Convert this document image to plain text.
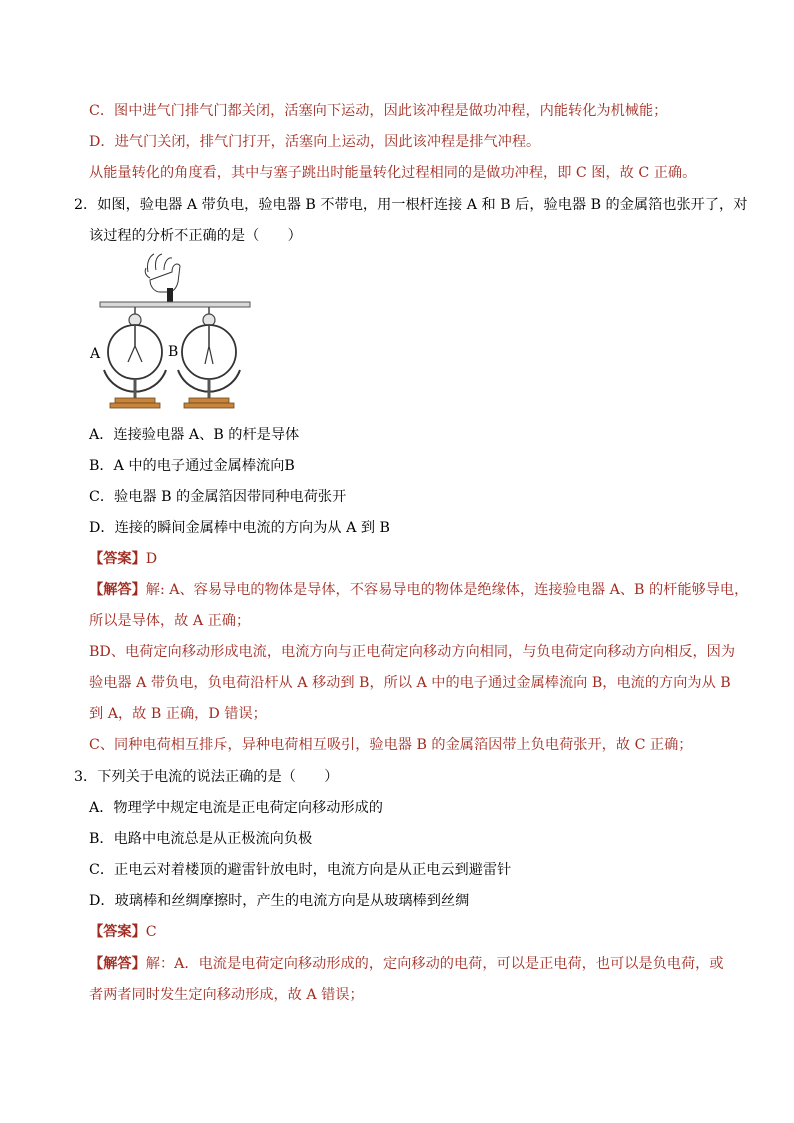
C．图中进气门排气门都关闭，活塞向下运动，因此该冲程是做功冲程，内能转化为机械能；
D．进气门关闭，排气门打开，活塞向上运动，因此该冲程是排气冲程。
从能量转化的角度看，其中与塞子跳出时能量转化过程相同的是做功冲程，即 C 图，故 C 正确。
2．如图，验电器 A 带负电，验电器 B 不带电，用一根杆连接 A 和 B 后，验电器 B 的金属箔也张开了，对
该过程的分析不正确的是（　　）
A	B
A．连接验电器 A、B 的杆是导体
B．A 中的电子通过金属棒流向B
C．验电器 B 的金属箔因带同种电荷张开
D．连接的瞬间金属棒中电流的方向为从 A 到 B
【答案】D
【解答】解: A、容易导电的物体是导体，不容易导电的物体是绝缘体，连接验电器 A、B 的杆能够导电，
所以是导体，故 A 正确；
BD、电荷定向移动形成电流，电流方向与正电荷定向移动方向相同，与负电荷定向移动方向相反，因为
验电器 A 带负电，负电荷沿杆从 A 移动到 B，所以 A 中的电子通过金属棒流向 B，电流的方向为从 B
到 A，故 B 正确，D 错误；
C、同种电荷相互排斥，异种电荷相互吸引，验电器 B 的金属箔因带上负电荷张开，故 C 正确；
3．下列关于电流的说法正确的是（　　）
A．物理学中规定电流是正电荷定向移动形成的
B．电路中电流总是从正极流向负极
C．正电云对着楼顶的避雷针放电时，电流方向是从正电云到避雷针
D．玻璃棒和丝绸摩擦时，产生的电流方向是从玻璃棒到丝绸
【答案】C
【解答】解：A．电流是电荷定向移动形成的，定向移动的电荷，可以是正电荷，也可以是负电荷，或
者两者同时发生定向移动形成，故 A 错误；
